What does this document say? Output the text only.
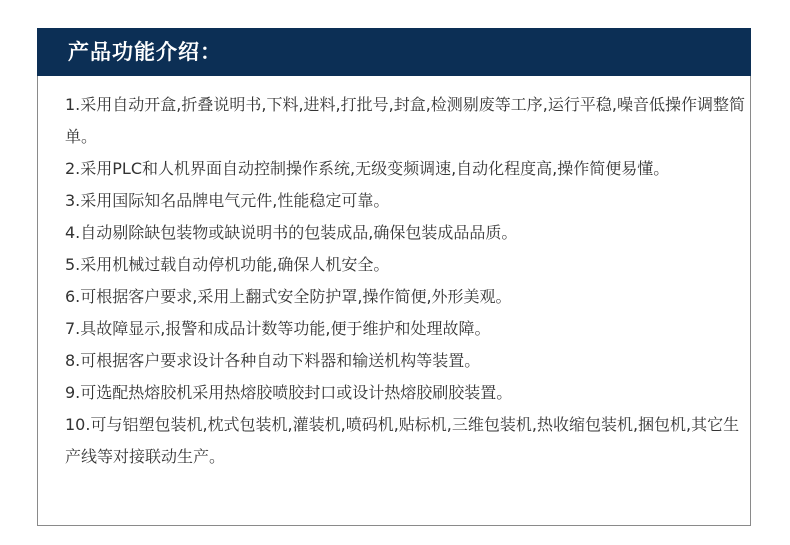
产品功能介绍：

1.采用自动开盒,折叠说明书,下料,进料,打批号,封盒,检测剔废等工序,运行平稳,噪音低操作调整简单。

2.采用PLC和人机界面自动控制操作系统,无级变频调速,自动化程度高,操作简便易懂。

3.采用国际知名品牌电气元件,性能稳定可靠。

4.自动剔除缺包装物或缺说明书的包装成品,确保包装成品品质。

5.采用机械过载自动停机功能,确保人机安全。

6.可根据客户要求,采用上翻式安全防护罩,操作简便,外形美观。

7.具故障显示,报警和成品计数等功能,便于维护和处理故障。

8.可根据客户要求设计各种自动下料器和输送机构等装置。

9.可选配热熔胶机采用热熔胶喷胶封口或设计热熔胶刷胶装置。

10.可与铝塑包装机,枕式包装机,灌装机,喷码机,贴标机,三维包装机,热收缩包装机,捆包机,其它生产线等对接联动生产。
